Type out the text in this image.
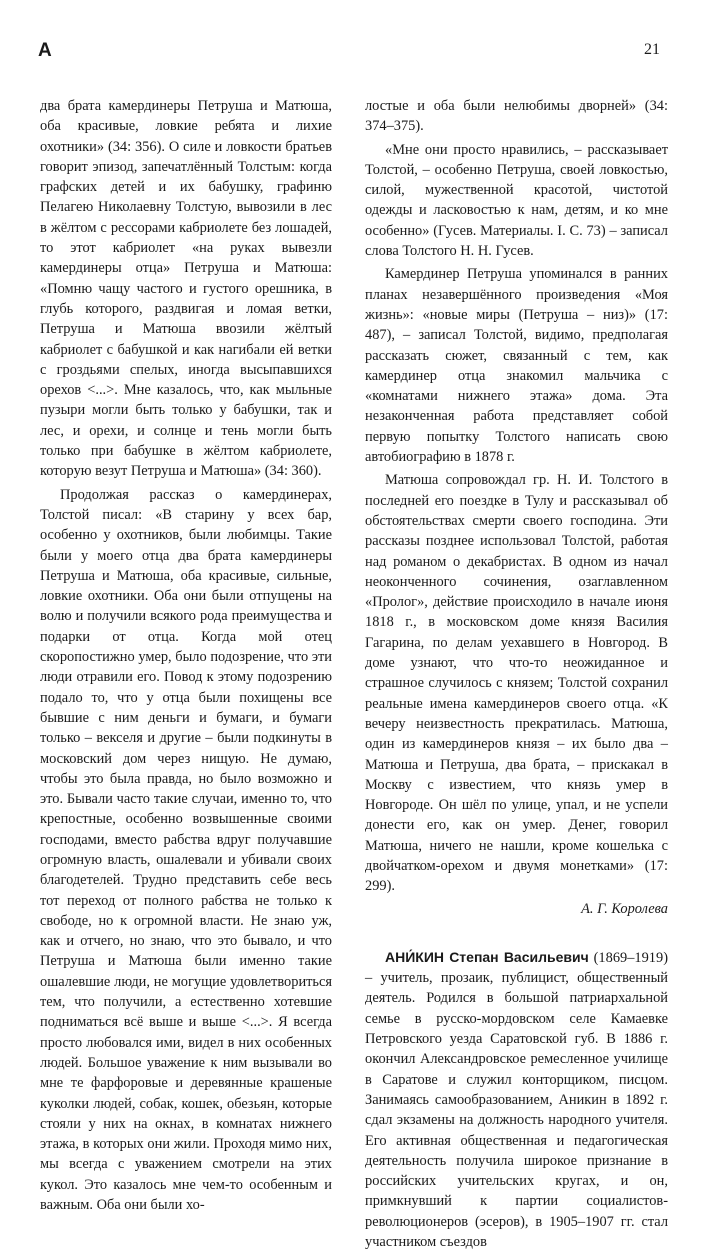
А	21

два брата камердинеры Петруша и Матюша, оба красивые, ловкие ребята и лихие охотники» (34: 356). О силе и ловкости братьев говорит эпизод, запечатлённый Толстым: когда графских детей и их бабушку, графиню Пелагею Николаевну Толстую, вывозили в лес в жёлтом с рессорами кабриолете без лошадей, то этот кабриолет «на руках вывезли камердинеры отца» Петруша и Матюша: «Помню чащу частого и густого орешника, в глубь которого, раздвигая и ломая ветки, Петруша и Матюша ввозили жёлтый кабриолет с бабушкой и как нагибали ей ветки с гроздьями спелых, иногда высыпавшихся орехов <...>. Мне казалось, что, как мыльные пузыри могли быть только у бабушки, так и лес, и орехи, и солнце и тень могли быть только при бабушке в жёлтом кабриолете, которую везут Петруша и Матюша» (34: 360).

Продолжая рассказ о камердинерах, Толстой писал: «В старину у всех бар, особенно у охотников, были любимцы. Такие были у моего отца два брата камердинеры Петруша и Матюша, оба красивые, сильные, ловкие охотники. Оба они были отпущены на волю и получили всякого рода преимущества и подарки от отца. Когда мой отец скоропостижно умер, было подозрение, что эти люди отравили его. Повод к этому подозрению подало то, что у отца были похищены все бывшие с ним деньги и бумаги, и бумаги только – векселя и другие – были подкинуты в московский дом через нищую. Не думаю, чтобы это была правда, но было возможно и это. Бывали часто такие случаи, именно то, что крепостные, особенно возвышенные своими господами, вместо рабства вдруг получавшие огромную власть, ошалевали и убивали своих благодетелей. Трудно представить себе весь тот переход от полного рабства не только к свободе, но к огромной власти. Не знаю уж, как и отчего, но знаю, что это бывало, и что Петруша и Матюша были именно такие ошалевшие люди, не могущие удовлетвориться тем, что получили, а естественно хотевшие подниматься всё выше и выше <...>. Я всегда просто любовался ими, видел в них особенных людей. Большое уважение к ним вызывали во мне те фарфоровые и деревянные крашеные куколки людей, собак, кошек, обезьян, которые стояли у них на окнах, в комнатах нижнего этажа, в которых они жили. Проходя мимо них, мы всегда с уважением смотрели на этих кукол. Это казалось мне чем-то особенным и важным. Оба они были хо-

лостые и оба были нелюбимы дворней» (34: 374–375).

«Мне они просто нравились, – рассказывает Толстой, – особенно Петруша, своей ловкостью, силой, мужественной красотой, чистотой одежды и ласковостью к нам, детям, и ко мне особенно» (Гусев. Материалы. I. С. 73) – записал слова Толстого Н. Н. Гусев.

Камердинер Петруша упоминался в ранних планах незавершённого произведения «Моя жизнь»: «новые миры (Петруша – низ)» (17: 487), – записал Толстой, видимо, предполагая рассказать сюжет, связанный с тем, как камердинер отца знакомил мальчика с «комнатами нижнего этажа» дома. Эта незаконченная работа представляет собой первую попытку Толстого написать свою автобиографию в 1878 г.

Матюша сопровождал гр. Н. И. Толстого в последней его поездке в Тулу и рассказывал об обстоятельствах смерти своего господина. Эти рассказы позднее использовал Толстой, работая над романом о декабристах. В одном из начал неоконченного сочинения, озаглавленном «Пролог», действие происходило в начале июня 1818 г., в московском доме князя Василия Гагарина, по делам уехавшего в Новгород. В доме узнают, что что-то неожиданное и страшное случилось с князем; Толстой сохранил реальные имена камердинеров своего отца. «К вечеру неизвестность прекратилась. Матюша, один из камердинеров князя – их было два – Матюша и Петруша, два брата, – прискакал в Москву с известием, что князь умер в Новгороде. Он шёл по улице, упал, и не успели донести его, как он умер. Денег, говорил Матюша, ничего не нашли, кроме кошелька с двойчатком-орехом и двумя монетками» (17: 299).

А. Г. Королева

АНИ́КИН Степан Васильевич (1869–1919) – учитель, прозаик, публицист, общественный деятель. Родился в большой патриархальной семье в русско-мордовском селе Камаевке Петровского уезда Саратовской губ. В 1886 г. окончил Александровское ремесленное училище в Саратове и служил конторщиком, писцом. Занимаясь самообразованием, Аникин в 1892 г. сдал экзамены на должность народного учителя. Его активная общественная и педагогическая деятельность получила широкое признание в российских учительских кругах, и он, примкнувший к партии социалистов-революционеров (эсеров), в 1905–1907 гг. стал участником съездов
